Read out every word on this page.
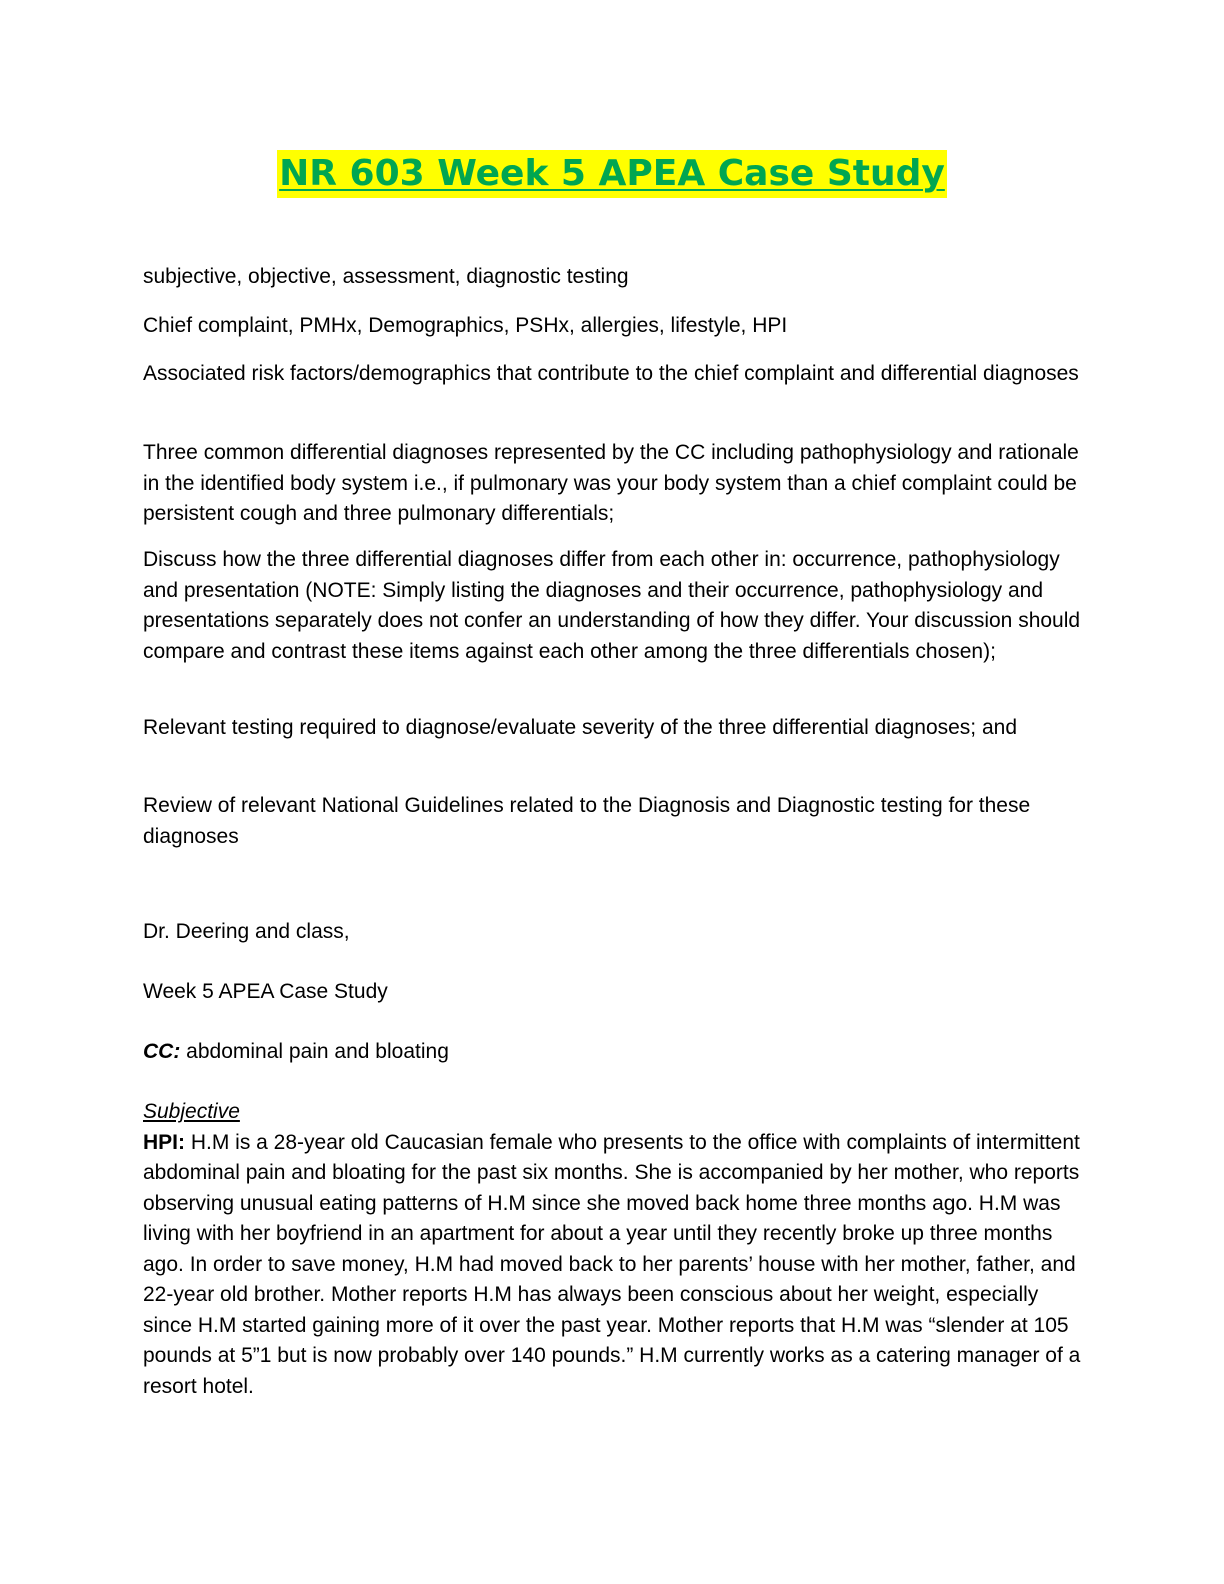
NR 603 Week 5 APEA Case Study

subjective, objective, assessment, diagnostic testing

Chief complaint, PMHx, Demographics, PSHx, allergies, lifestyle, HPI

Associated risk factors/demographics that contribute to the chief complaint and differential diagnoses

Three common differential diagnoses represented by the CC including pathophysiology and rationale in the identified body system i.e., if pulmonary was your body system than a chief complaint could be persistent cough and three pulmonary differentials;

Discuss how the three differential diagnoses differ from each other in: occurrence, pathophysiology and presentation (NOTE: Simply listing the diagnoses and their occurrence, pathophysiology and presentations separately does not confer an understanding of how they differ. Your discussion should compare and contrast these items against each other among the three differentials chosen);

Relevant testing required to diagnose/evaluate severity of the three differential diagnoses; and

Review of relevant National Guidelines related to the Diagnosis and Diagnostic testing for these diagnoses

Dr. Deering and class,

Week 5 APEA Case Study

CC: abdominal pain and bloating

Subjective
HPI: H.M is a 28-year old Caucasian female who presents to the office with complaints of intermittent abdominal pain and bloating for the past six months. She is accompanied by her mother, who reports observing unusual eating patterns of H.M since she moved back home three months ago. H.M was living with her boyfriend in an apartment for about a year until they recently broke up three months ago. In order to save money, H.M had moved back to her parents’ house with her mother, father, and 22-year old brother. Mother reports H.M has always been conscious about her weight, especially since H.M started gaining more of it over the past year. Mother reports that H.M was “slender at 105 pounds at 5”1 but is now probably over 140 pounds.” H.M currently works as a catering manager of a resort hotel.
